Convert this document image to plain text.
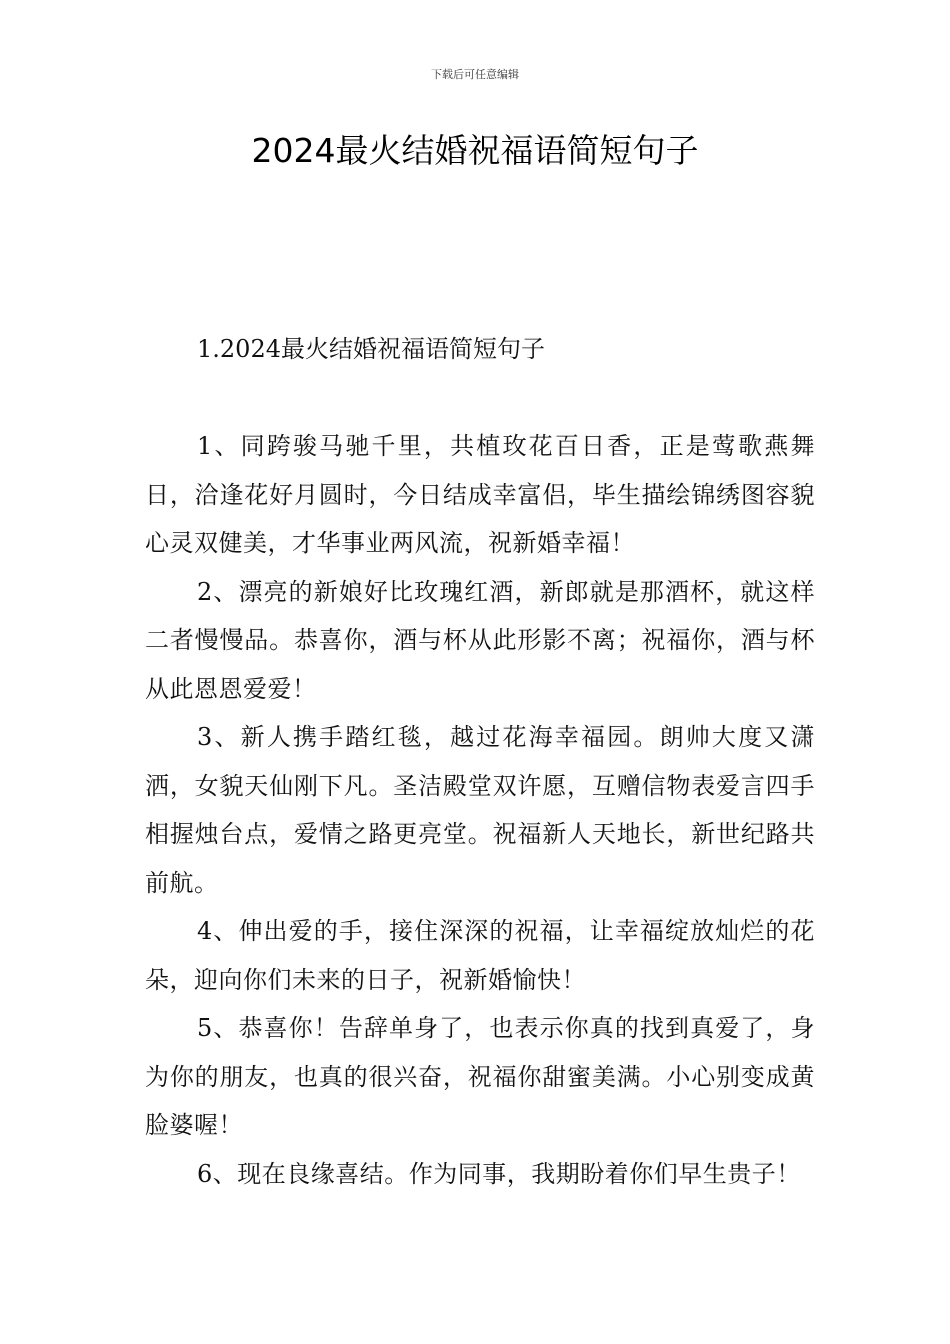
下载后可任意编辑
2024最火结婚祝福语简短句子

1.2024最火结婚祝福语简短句子

1、同跨骏马驰千里，共植玫花百日香，正是莺歌燕舞日，洽逢花好月圆时，今日结成幸富侣，毕生描绘锦绣图容貌心灵双健美，才华事业两风流，祝新婚幸福！

2、漂亮的新娘好比玫瑰红酒，新郎就是那酒杯，就这样二者慢慢品。恭喜你，酒与杯从此形影不离；祝福你，酒与杯从此恩恩爱爱！

3、新人携手踏红毯，越过花海幸福园。朗帅大度又潇洒，女貌天仙刚下凡。圣洁殿堂双许愿，互赠信物表爱言四手相握烛台点，爱情之路更亮堂。祝福新人天地长，新世纪路共前航。

4、伸出爱的手，接住深深的祝福，让幸福绽放灿烂的花朵，迎向你们未来的日子，祝新婚愉快！

5、恭喜你！告辞单身了，也表示你真的找到真爱了，身为你的朋友，也真的很兴奋，祝福你甜蜜美满。小心别变成黄脸婆喔！

6、现在良缘喜结。作为同事，我期盼着你们早生贵子！
